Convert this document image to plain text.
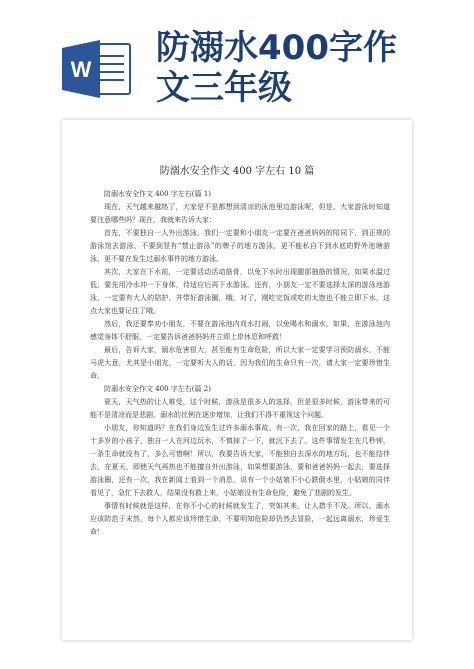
W
防溺水400字作
文三年级
防溺水安全作文 400 字左右 10 篇

防溺水安全作文 400 字左右(篇 1)

现在，天气越来越热了，大家是不是都想到清凉的泳池里边游泳呢，但是，大家游泳时知道要注意哪些吗？现在，我就来告诉大家：

首先，不要独自一人外出游泳，我们一定要和小朋友一定要在爸爸妈妈的陪同下，到正规的游泳馆去游泳，不要到竖有“禁止游泳”的牌子的地方游泳，更不能私自下到水底的野外池塘游泳，更不要在发生过溺水事件的地方游泳。

其次，大家在下水前，一定要活动活动筋骨，以免下水时出现腿部抽筋的情况，如果水温过低，要先用冷水冲一下身体，待适应后再下水游泳。还有，小朋友一定不要选择太深的游泳池游泳，一定要有大人的陪护，并带好游泳圈，哦，对了，刚吃完饭或吃的太饱也不能立即下水，这点大家也要记住了哦。

然后，我还要奉劝小朋友，不要在游泳池内戏水打闹，以免喝水和溺水，如果，在游泳池内感觉身体不舒服，一定要告诉爸爸妈妈并立即上岸休息和呼救！

最后，告诉大家，溺水危害很大，甚至能有生命危险，所以大家一定要学习预防溺水，不能马虎大意，尤其是小朋友，一定要听大人的话，因为我们的生命只有一次，请大家一定要珍惜生命。

防溺水安全作文 400 字左右(篇 2)

夏天，天气热的让人难受，这个时候，游泳是很多人的选择，但是很多时候，游泳带来的可能不是清凉而是悲剧，溺水的比例在逐步增加，让我们不得不重视这个问题。

小朋友，你知道吗？在我们身边发生过许多溺水事故。有一次，我在回家的路上，看见一个十多岁的小孩子，独自一人在河边玩水，不慎掉了一下，就沉下去了。这件事情发生在几秒钟，一条生命就没有了，多么可惜啊！所以，我要告诉大家，不能独自去深水的地方玩，也不能结伴去，在夏天，即使天气再热也不能擅自外出游泳，如果想要游泳，要和爸爸妈妈一起去，要选择游泳圈，还有一次，我在新闻上看到一个消息，说有一个小姑娘不小心跌倒水里，小姑娘的同伴看见了，急忙下去救人，结果没有救上来，小姑娘没有生命危险，避免了悲剧的发生。

事情有时候就是这样，在你不小心的时候就发生了，突如其来，让人措手不及。所以，溺水应该防范于未然，每个人都应该珍惜生命，不要明知危险却仍然去冒险，一起远离溺水，珍爱生命！
